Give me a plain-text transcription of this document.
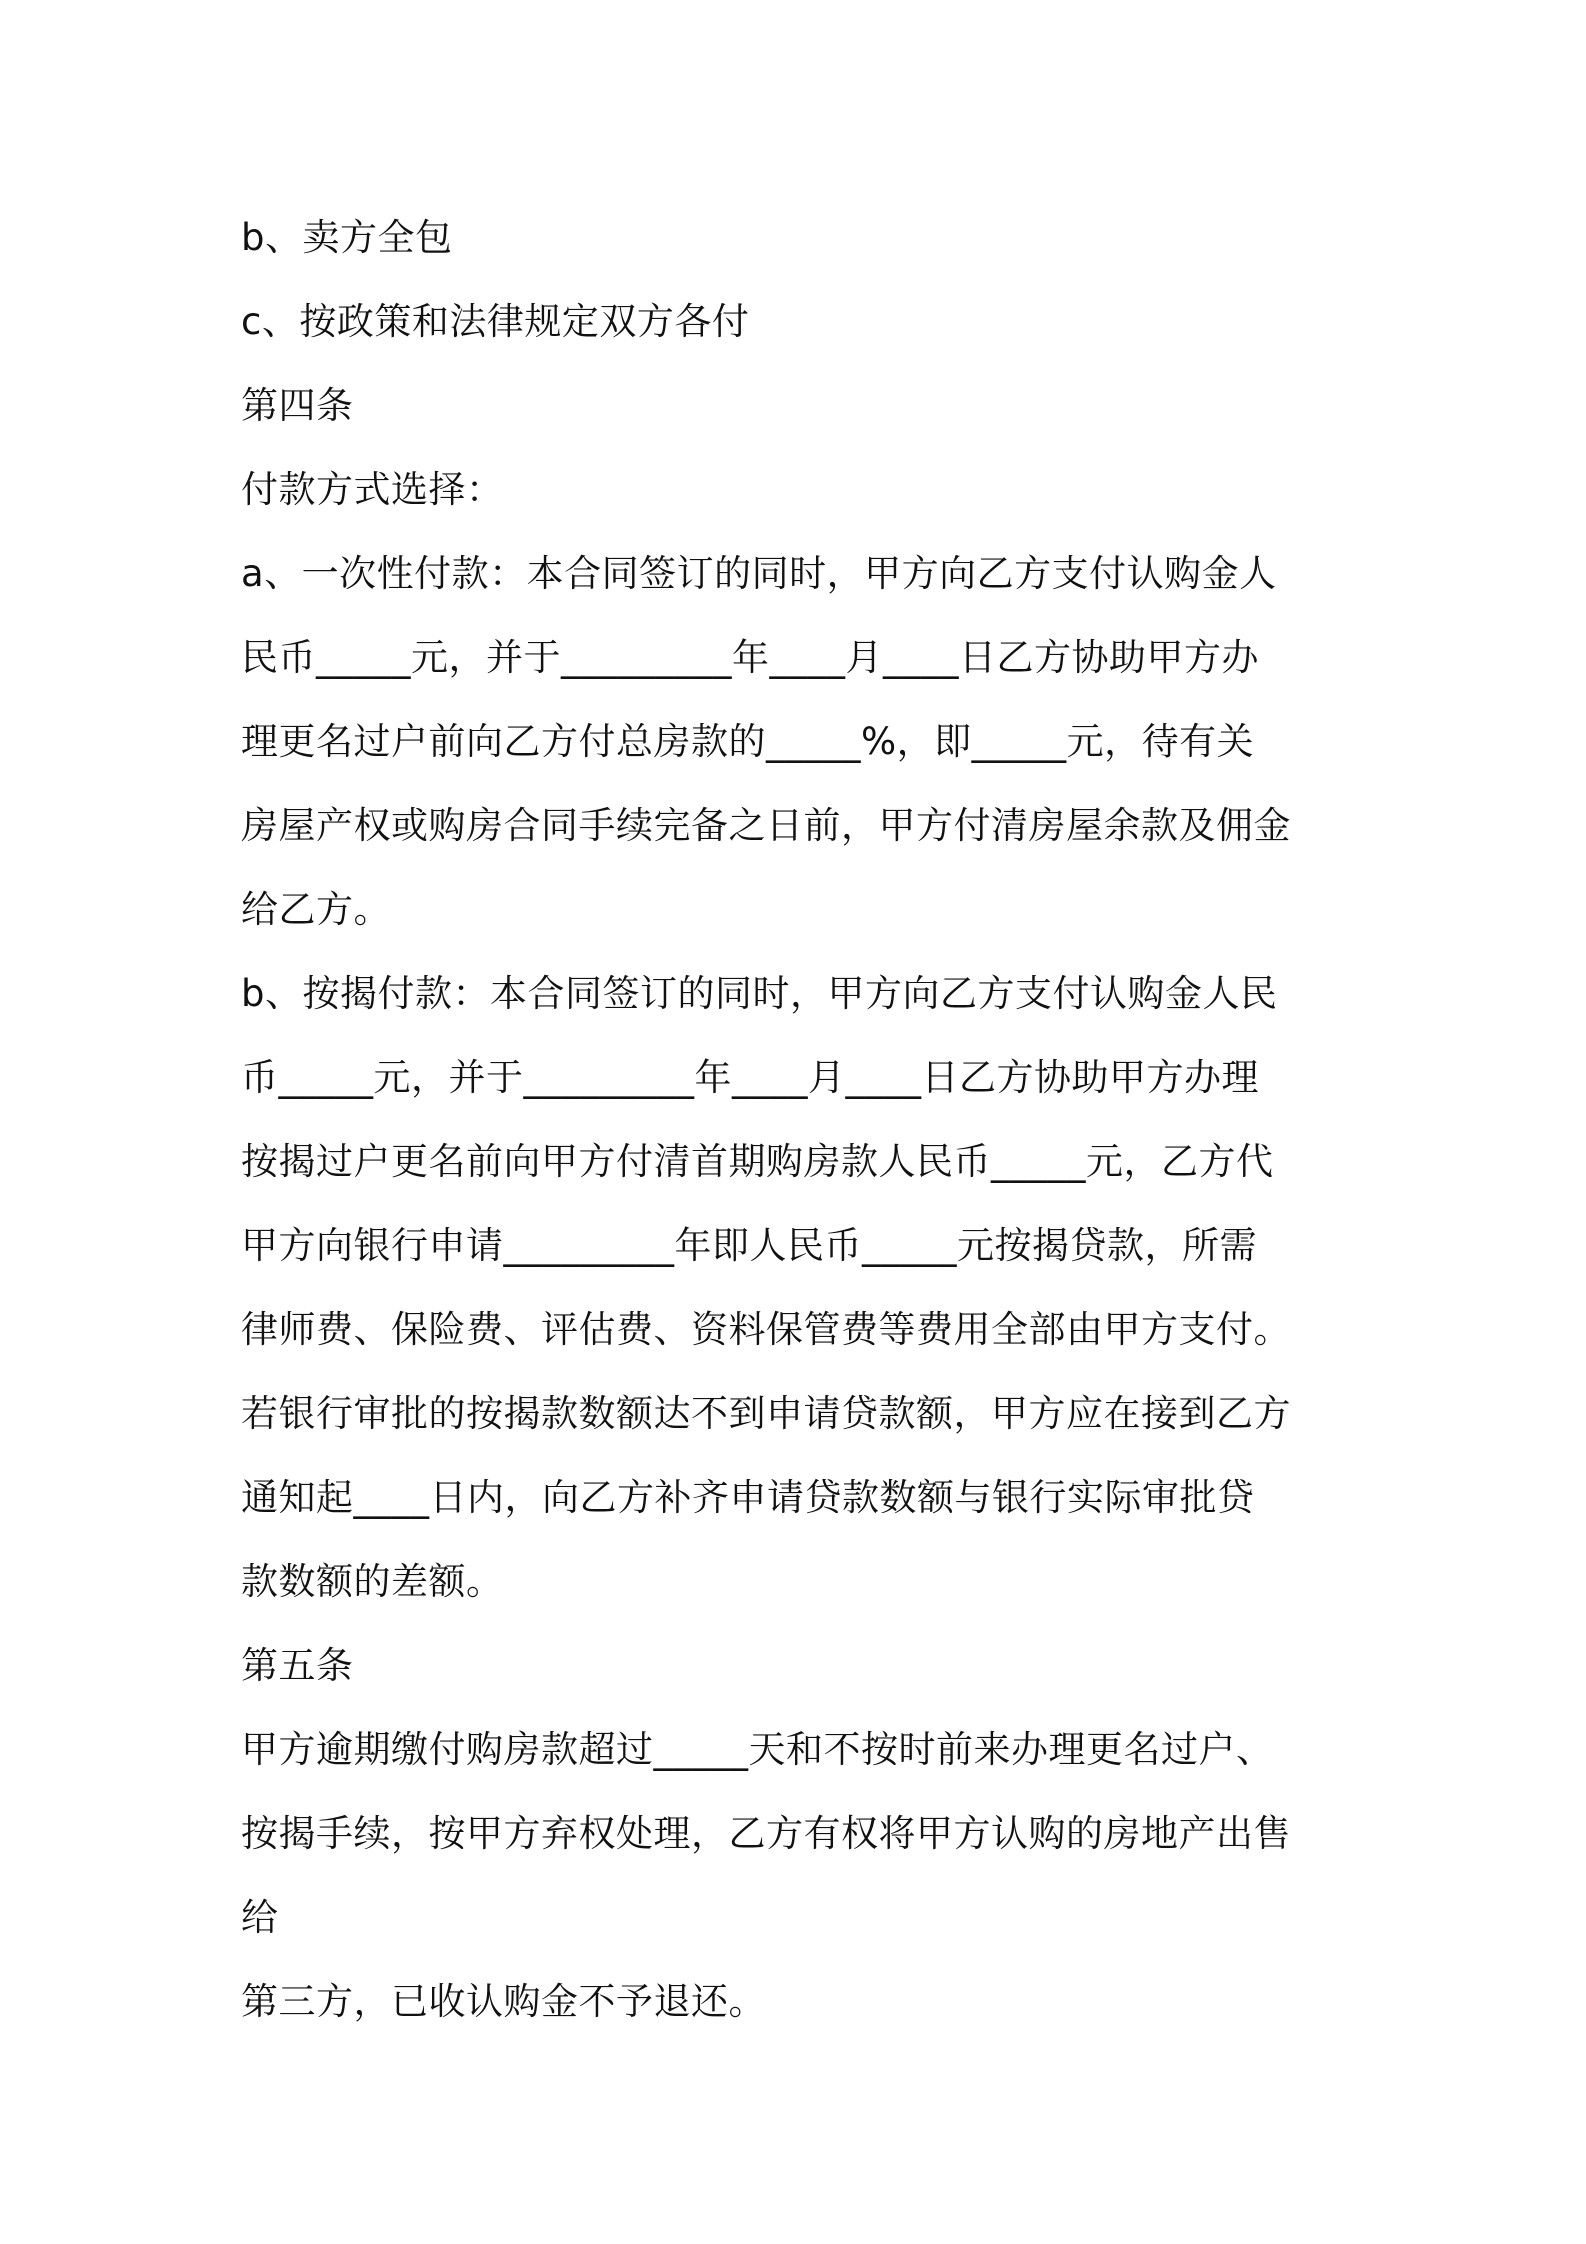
b、卖方全包
c、按政策和法律规定双方各付
第四条
付款方式选择：
a、一次性付款：本合同签订的同时，甲方向乙方支付认购金人
民币_____元，并于_________年____月____日乙方协助甲方办
理更名过户前向乙方付总房款的_____%，即_____元，待有关
房屋产权或购房合同手续完备之日前，甲方付清房屋余款及佣金
给乙方。
b、按揭付款：本合同签订的同时，甲方向乙方支付认购金人民
币_____元，并于_________年____月____日乙方协助甲方办理
按揭过户更名前向甲方付清首期购房款人民币_____元，乙方代
甲方向银行申请_________年即人民币_____元按揭贷款，所需
律师费、保险费、评估费、资料保管费等费用全部由甲方支付。
若银行审批的按揭款数额达不到申请贷款额，甲方应在接到乙方
通知起____日内，向乙方补齐申请贷款数额与银行实际审批贷
款数额的差额。
第五条
甲方逾期缴付购房款超过_____天和不按时前来办理更名过户、
按揭手续，按甲方弃权处理，乙方有权将甲方认购的房地产出售
给
第三方，已收认购金不予退还。
